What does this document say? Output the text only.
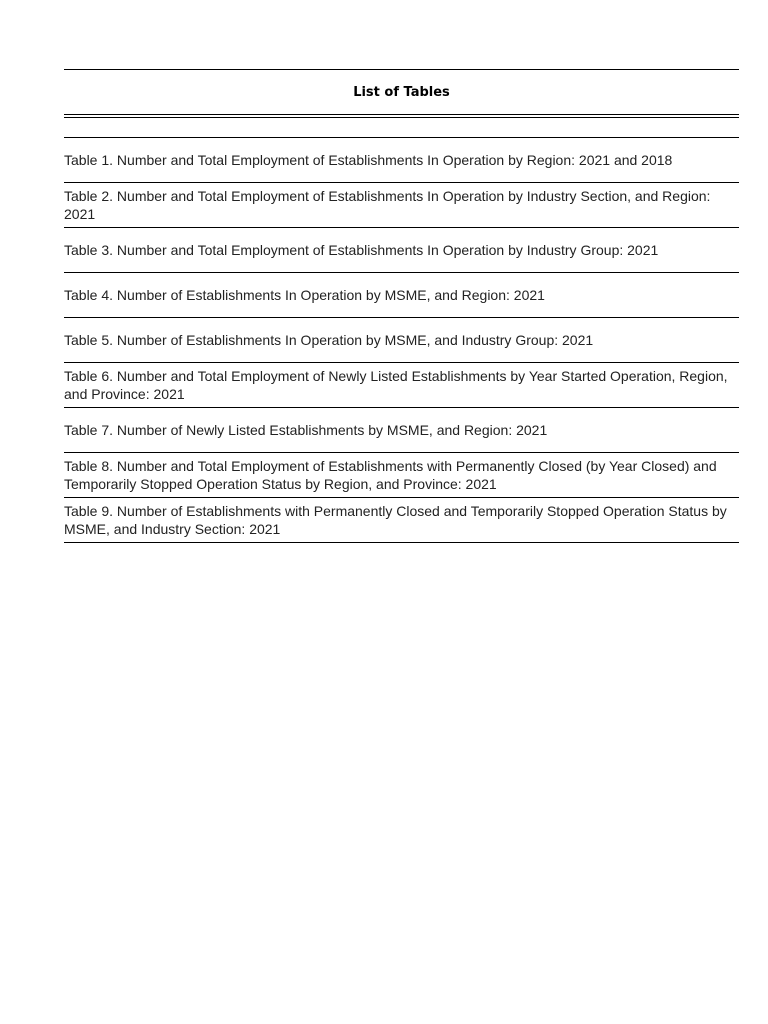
List of Tables
Table 1. Number and Total Employment of Establishments In Operation by Region: 2021 and 2018
Table 2. Number and Total Employment of Establishments In Operation by Industry Section, and Region: 2021
Table 3. Number and Total Employment of Establishments In Operation by Industry Group: 2021
Table 4. Number of Establishments In Operation by MSME, and Region: 2021
Table 5. Number of Establishments In Operation by MSME, and Industry Group: 2021
Table 6. Number and Total Employment of Newly Listed Establishments by Year Started Operation, Region, and Province: 2021
Table 7. Number of Newly Listed Establishments by MSME, and Region: 2021
Table 8. Number and Total Employment of Establishments with Permanently Closed (by Year Closed) and Temporarily Stopped Operation Status by Region, and Province: 2021
Table 9. Number of Establishments with Permanently Closed and Temporarily Stopped Operation Status by MSME, and Industry Section: 2021
